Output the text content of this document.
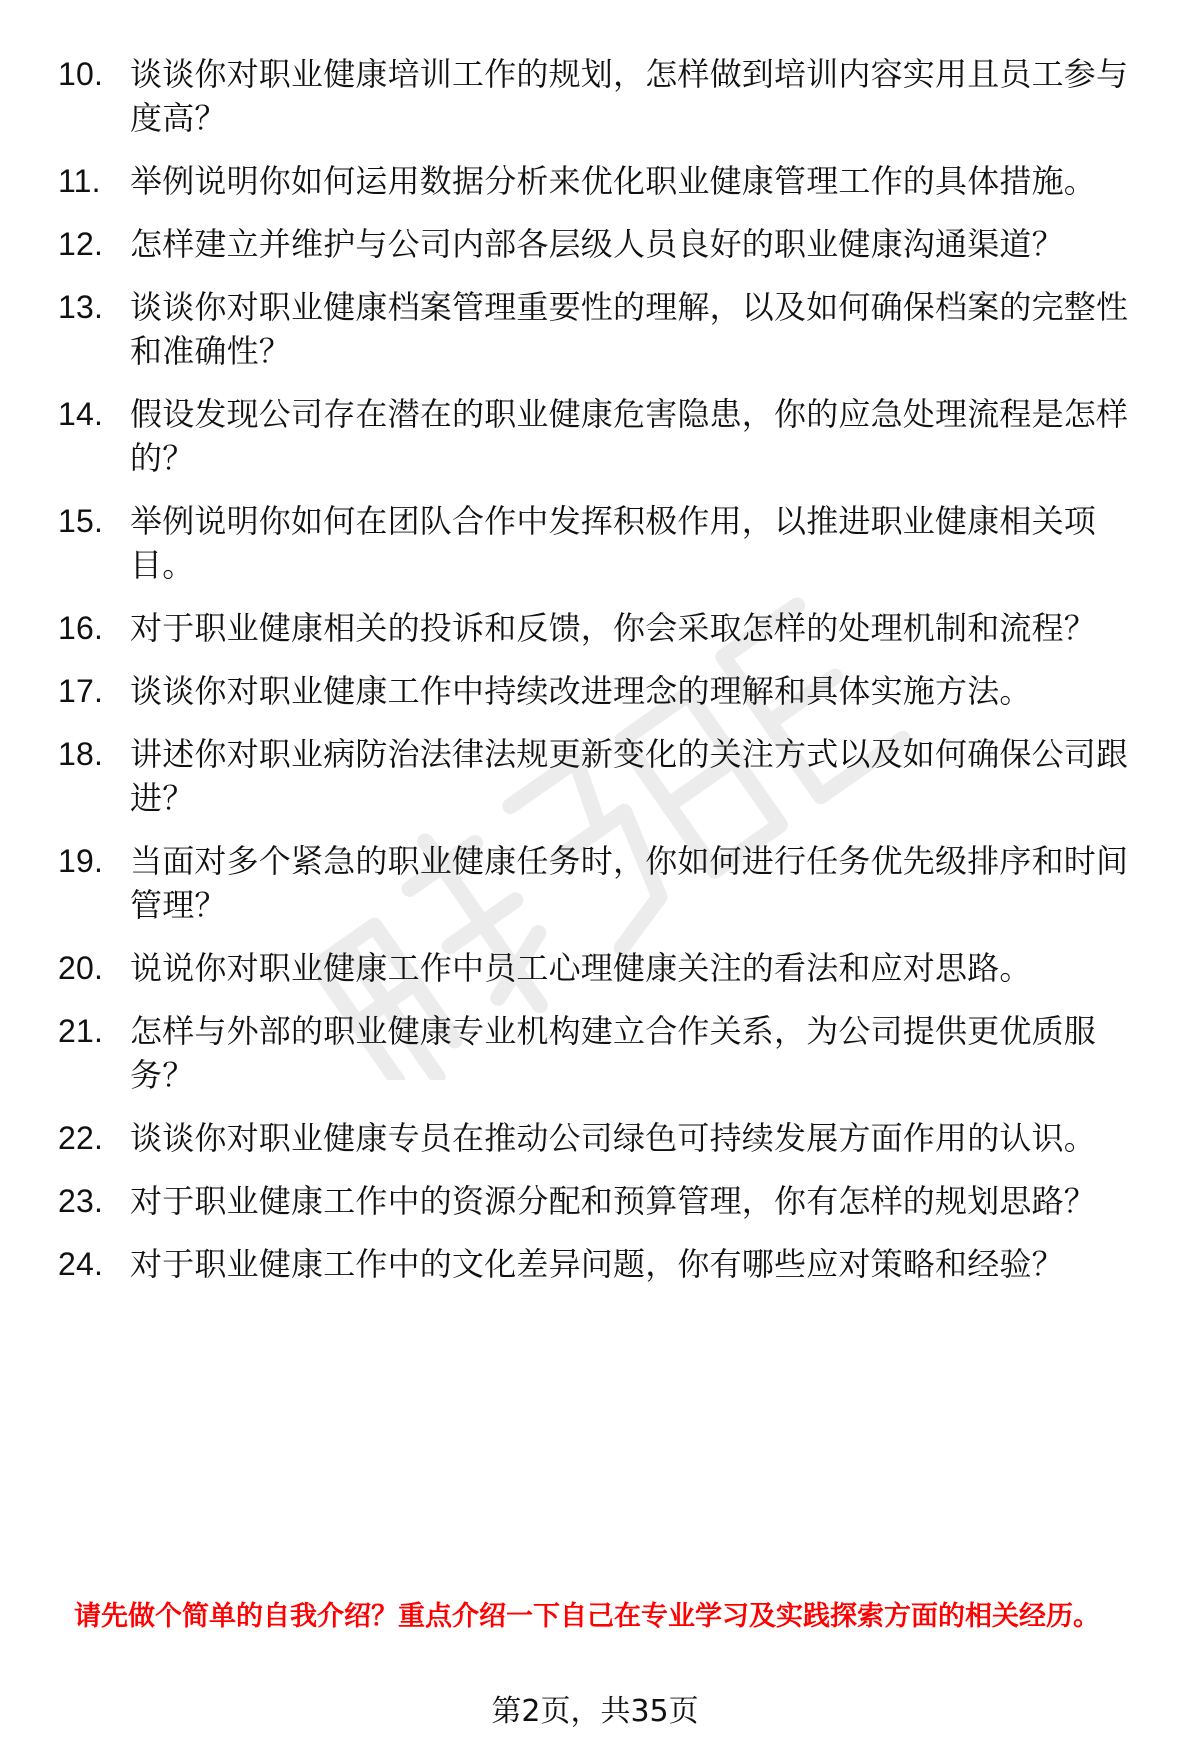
10. 谈谈你对职业健康培训工作的规划，怎样做到培训内容实用且员工参与度高？
11. 举例说明你如何运用数据分析来优化职业健康管理工作的具体措施。
12. 怎样建立并维护与公司内部各层级人员良好的职业健康沟通渠道？
13. 谈谈你对职业健康档案管理重要性的理解，以及如何确保档案的完整性和准确性？
14. 假设发现公司存在潜在的职业健康危害隐患，你的应急处理流程是怎样的？
15. 举例说明你如何在团队合作中发挥积极作用，以推进职业健康相关项目。
16. 对于职业健康相关的投诉和反馈，你会采取怎样的处理机制和流程？
17. 谈谈你对职业健康工作中持续改进理念的理解和具体实施方法。
18. 讲述你对职业病防治法律法规更新变化的关注方式以及如何确保公司跟进？
19. 当面对多个紧急的职业健康任务时，你如何进行任务优先级排序和时间管理？
20. 说说你对职业健康工作中员工心理健康关注的看法和应对思路。
21. 怎样与外部的职业健康专业机构建立合作关系，为公司提供更优质服务？
22. 谈谈你对职业健康专员在推动公司绿色可持续发展方面作用的认识。
23. 对于职业健康工作中的资源分配和预算管理，你有怎样的规划思路？
24. 对于职业健康工作中的文化差异问题，你有哪些应对策略和经验？
请先做个简单的自我介绍？重点介绍一下自己在专业学习及实践探索方面的相关经历。
第2页，共35页
